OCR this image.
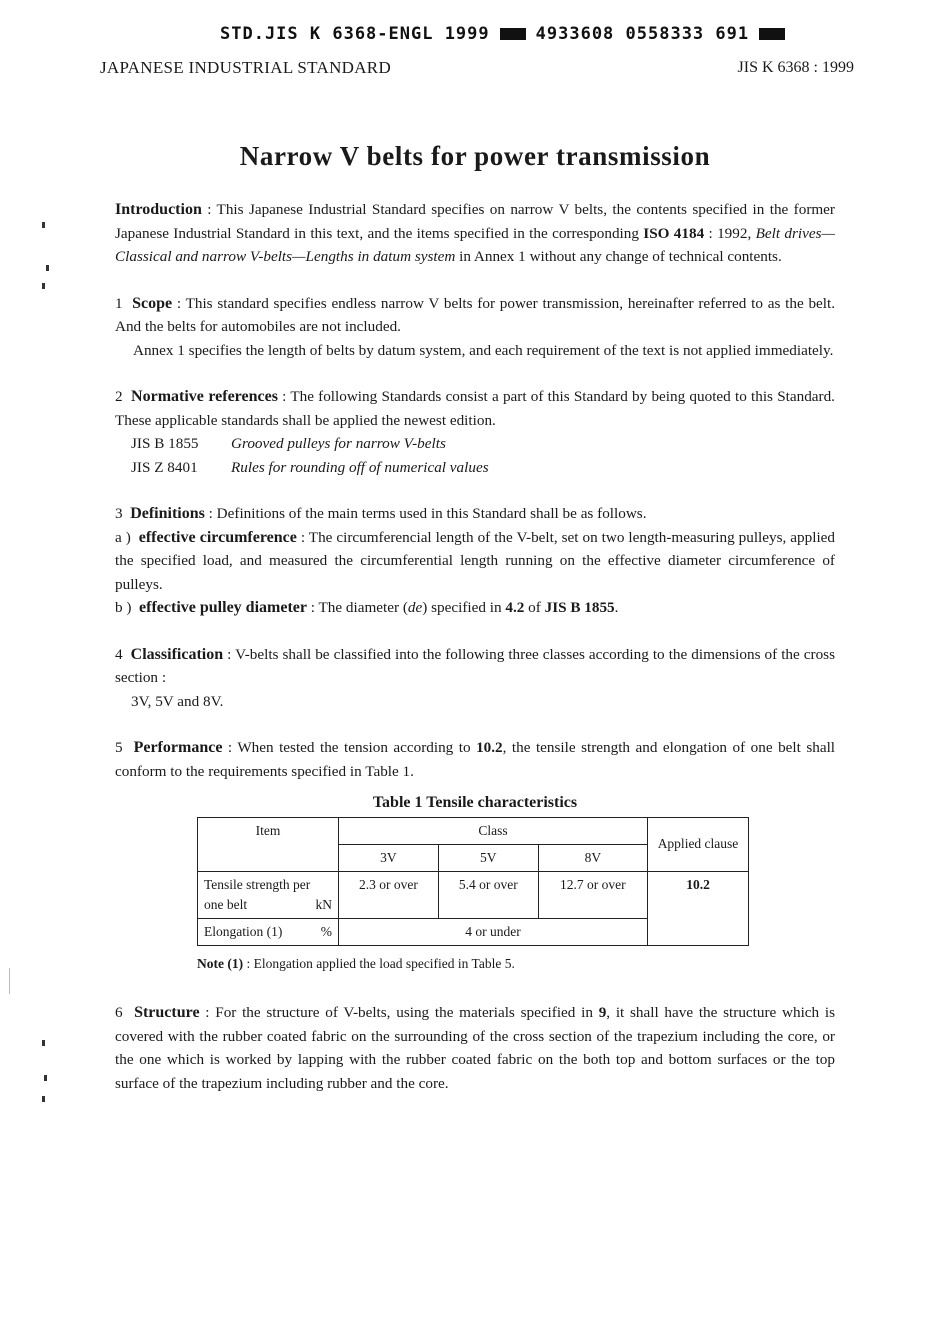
STD.JIS K 6368-ENGL 1999	4933608 0558333 691
JAPANESE INDUSTRIAL STANDARD	JIS K 6368 : 1999
Narrow V belts for power transmission

Introduction : This Japanese Industrial Standard specifies on narrow V belts, the contents specified in the former Japanese Industrial Standard in this text, and the items specified in the corresponding ISO 4184 : 1992, Belt drives—Classical and narrow V-belts—Lengths in datum system in Annex 1 without any change of technical contents.

1 Scope : This standard specifies endless narrow V belts for power transmission, hereinafter referred to as the belt. And the belts for automobiles are not included.

Annex 1 specifies the length of belts by datum system, and each requirement of the text is not applied immediately.

2 Normative references : The following Standards consist a part of this Standard by being quoted to this Standard. These applicable standards shall be applied the newest edition.

JIS B 1855 Grooved pulleys for narrow V-belts

JIS Z 8401 Rules for rounding off of numerical values

3 Definitions : Definitions of the main terms used in this Standard shall be as follows.

a ) effective circumference : The circumferencial length of the V-belt, set on two length-measuring pulleys, applied the specified load, and measured the circumferential length running on the effective diameter circumference of pulleys.

b ) effective pulley diameter : The diameter (de) specified in 4.2 of JIS B 1855.

4 Classification : V-belts shall be classified into the following three classes according to the dimensions of the cross section :

3V, 5V and 8V.

5 Performance : When tested the tension according to 10.2, the tensile strength and elongation of one belt shall conform to the requirements specified in Table 1.

Table 1 Tensile characteristics
Item	Class			Applied clause
	3V	5V	8V	
Tensile strength per one belt kN	2.3 or over	5.4 or over	12.7 or over	10.2
Elongation (1) %	4 or under			
Note (1) : Elongation applied the load specified in Table 5.

6 Structure : For the structure of V-belts, using the materials specified in 9, it shall have the structure which is covered with the rubber coated fabric on the surrounding of the cross section of the trapezium including the core, or the one which is worked by lapping with the rubber coated fabric on the both top and bottom surfaces or the top surface of the trapezium including rubber and the core.
